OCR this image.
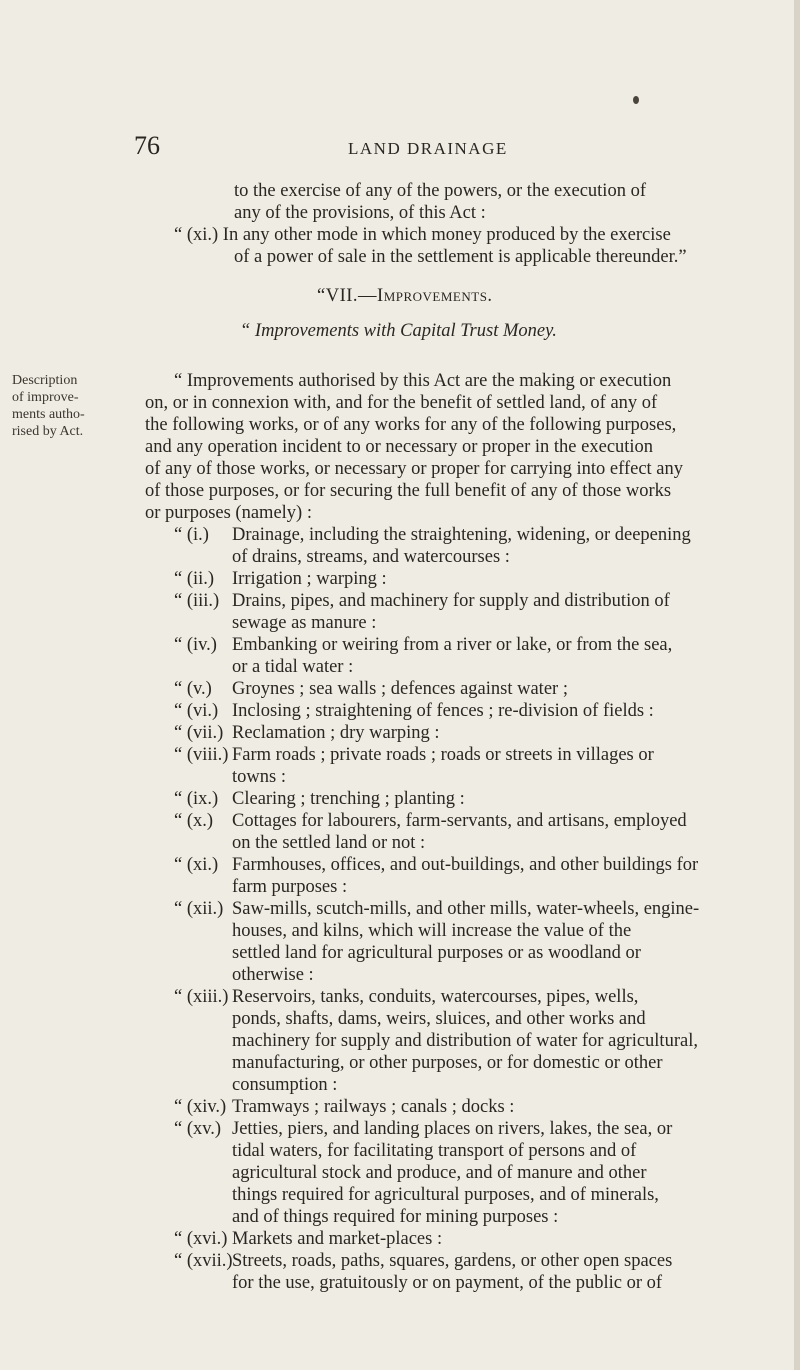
76	LAND DRAINAGE
Description
of improve-
ments autho-
rised by Act.
to the exercise of any of the powers, or the execution of
any of the provisions, of this Act :
“ (xi.) In any other mode in which money produced by the exercise
of a power of sale in the settlement is applicable thereunder.”
“VII.—Improvements.
“ Improvements with Capital Trust Money.
“ Improvements authorised by this Act are the making or execution
on, or in connexion with, and for the benefit of settled land, of any of
the following works, or of any works for any of the following purposes,
and any operation incident to or necessary or proper in the execution
of any of those works, or necessary or proper for carrying into effect any
of those purposes, or for securing the full benefit of any of those works
or purposes (namely) :
“ (i.) Drainage, including the straightening, widening, or deepening
of drains, streams, and watercourses :
“ (ii.) Irrigation ; warping :
“ (iii.) Drains, pipes, and machinery for supply and distribution of
sewage as manure :
“ (iv.) Embanking or weiring from a river or lake, or from the sea,
or a tidal water :
“ (v.) Groynes ; sea walls ; defences against water ;
“ (vi.) Inclosing ; straightening of fences ; re-division of fields :
“ (vii.) Reclamation ; dry warping :
“ (viii.) Farm roads ; private roads ; roads or streets in villages or
towns :
“ (ix.) Clearing ; trenching ; planting :
“ (x.) Cottages for labourers, farm-servants, and artisans, employed
on the settled land or not :
“ (xi.) Farmhouses, offices, and out-buildings, and other buildings for
farm purposes :
“ (xii.) Saw-mills, scutch-mills, and other mills, water-wheels, engine-
houses, and kilns, which will increase the value of the
settled land for agricultural purposes or as woodland or
otherwise :
“ (xiii.) Reservoirs, tanks, conduits, watercourses, pipes, wells,
ponds, shafts, dams, weirs, sluices, and other works and
machinery for supply and distribution of water for agricultural,
manufacturing, or other purposes, or for domestic or other
consumption :
“ (xiv.) Tramways ; railways ; canals ; docks :
“ (xv.) Jetties, piers, and landing places on rivers, lakes, the sea, or
tidal waters, for facilitating transport of persons and of
agricultural stock and produce, and of manure and other
things required for agricultural purposes, and of minerals,
and of things required for mining purposes :
“ (xvi.) Markets and market-places :
“ (xvii.)Streets, roads, paths, squares, gardens, or other open spaces
for the use, gratuitously or on payment, of the public or of
